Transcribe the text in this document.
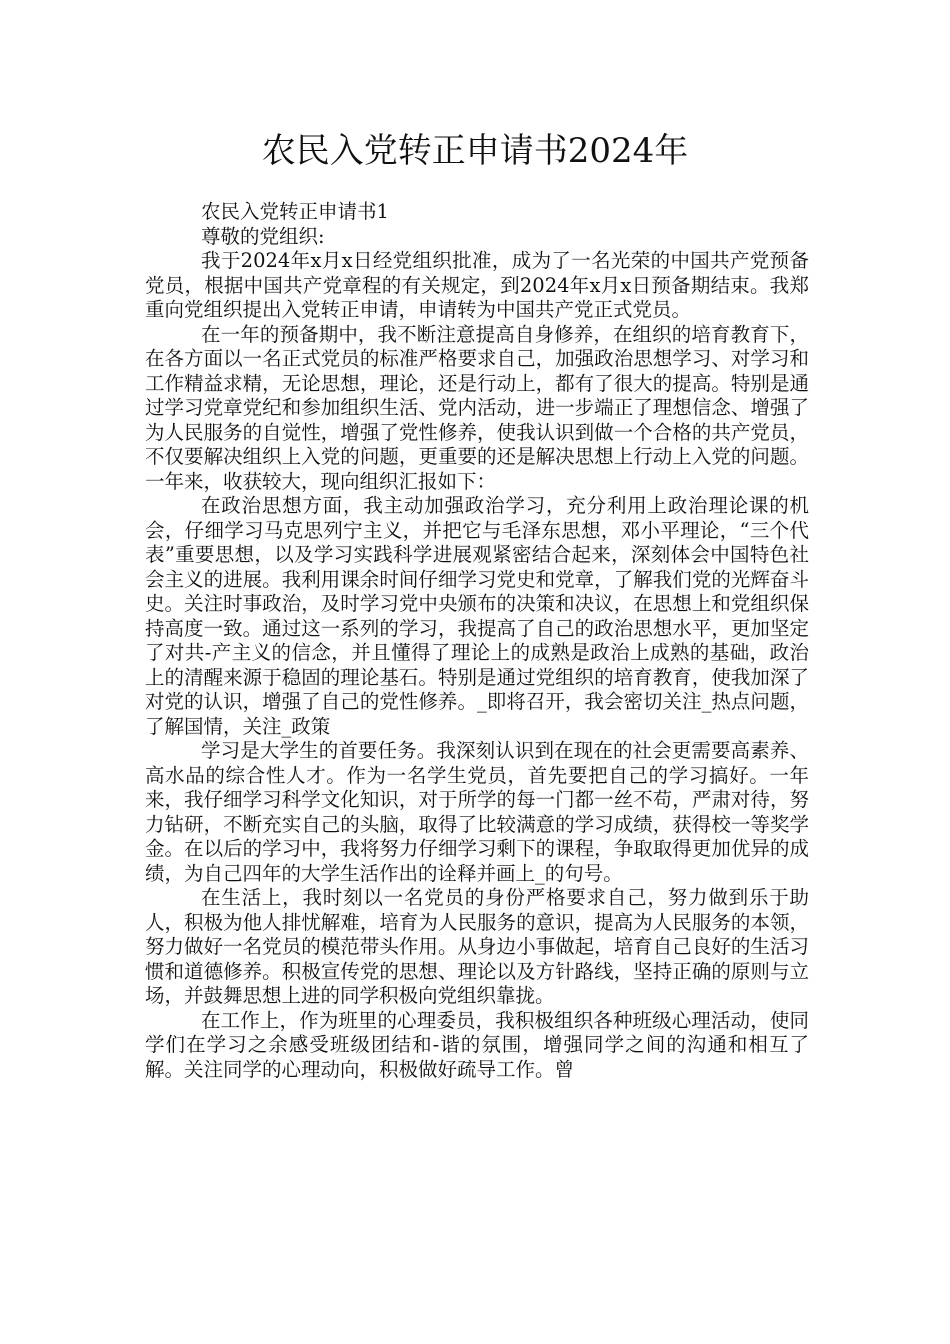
农民入党转正申请书2024年

农民入党转正申请书1

尊敬的党组织:

我于2024年x月x日经党组织批准，成为了一名光荣的中国共产党预备党员，根据中国共产党章程的有关规定，到2024年x月x日预备期结束。我郑重向党组织提出入党转正申请，申请转为中国共产党正式党员。

在一年的预备期中，我不断注意提高自身修养，在组织的培育教育下，在各方面以一名正式党员的标准严格要求自己，加强政治思想学习、对学习和工作精益求精，无论思想，理论，还是行动上，都有了很大的提高。特别是通过学习党章党纪和参加组织生活、党内活动，进一步端正了理想信念、增强了为人民服务的自觉性，增强了党性修养，使我认识到做一个合格的共产党员，不仅要解决组织上入党的问题，更重要的还是解决思想上行动上入党的问题。一年来，收获较大，现向组织汇报如下：

在政治思想方面，我主动加强政治学习，充分利用上政治理论课的机会，仔细学习马克思列宁主义，并把它与毛泽东思想，邓小平理论，“三个代表”重要思想，以及学习实践科学进展观紧密结合起来，深刻体会中国特色社会主义的进展。我利用课余时间仔细学习党史和党章，了解我们党的光辉奋斗史。关注时事政治，及时学习党中央颁布的决策和决议，在思想上和党组织保持高度一致。通过这一系列的学习，我提高了自己的政治思想水平，更加坚定了对共-产主义的信念，并且懂得了理论上的成熟是政治上成熟的基础，政治上的清醒来源于稳固的理论基石。特别是通过党组织的培育教育，使我加深了对党的认识，增强了自己的党性修养。_即将召开，我会密切关注_热点问题，了解国情，关注_政策

学习是大学生的首要任务。我深刻认识到在现在的社会更需要高素养、高水品的综合性人才。作为一名学生党员，首先要把自己的学习搞好。一年来，我仔细学习科学文化知识，对于所学的每一门都一丝不苟，严肃对待，努力钻研，不断充实自己的头脑，取得了比较满意的学习成绩，获得校一等奖学金。在以后的学习中，我将努力仔细学习剩下的课程，争取取得更加优异的成绩，为自己四年的大学生活作出的诠释并画上_的句号。

在生活上，我时刻以一名党员的身份严格要求自己，努力做到乐于助人，积极为他人排忧解难，培育为人民服务的意识，提高为人民服务的本领，努力做好一名党员的模范带头作用。从身边小事做起，培育自己良好的生活习惯和道德修养。积极宣传党的思想、理论以及方针路线，坚持正确的原则与立场，并鼓舞思想上进的同学积极向党组织靠拢。

在工作上，作为班里的心理委员，我积极组织各种班级心理活动，使同学们在学习之余感受班级团结和-谐的氛围，增强同学之间的沟通和相互了解。关注同学的心理动向，积极做好疏导工作。曾
